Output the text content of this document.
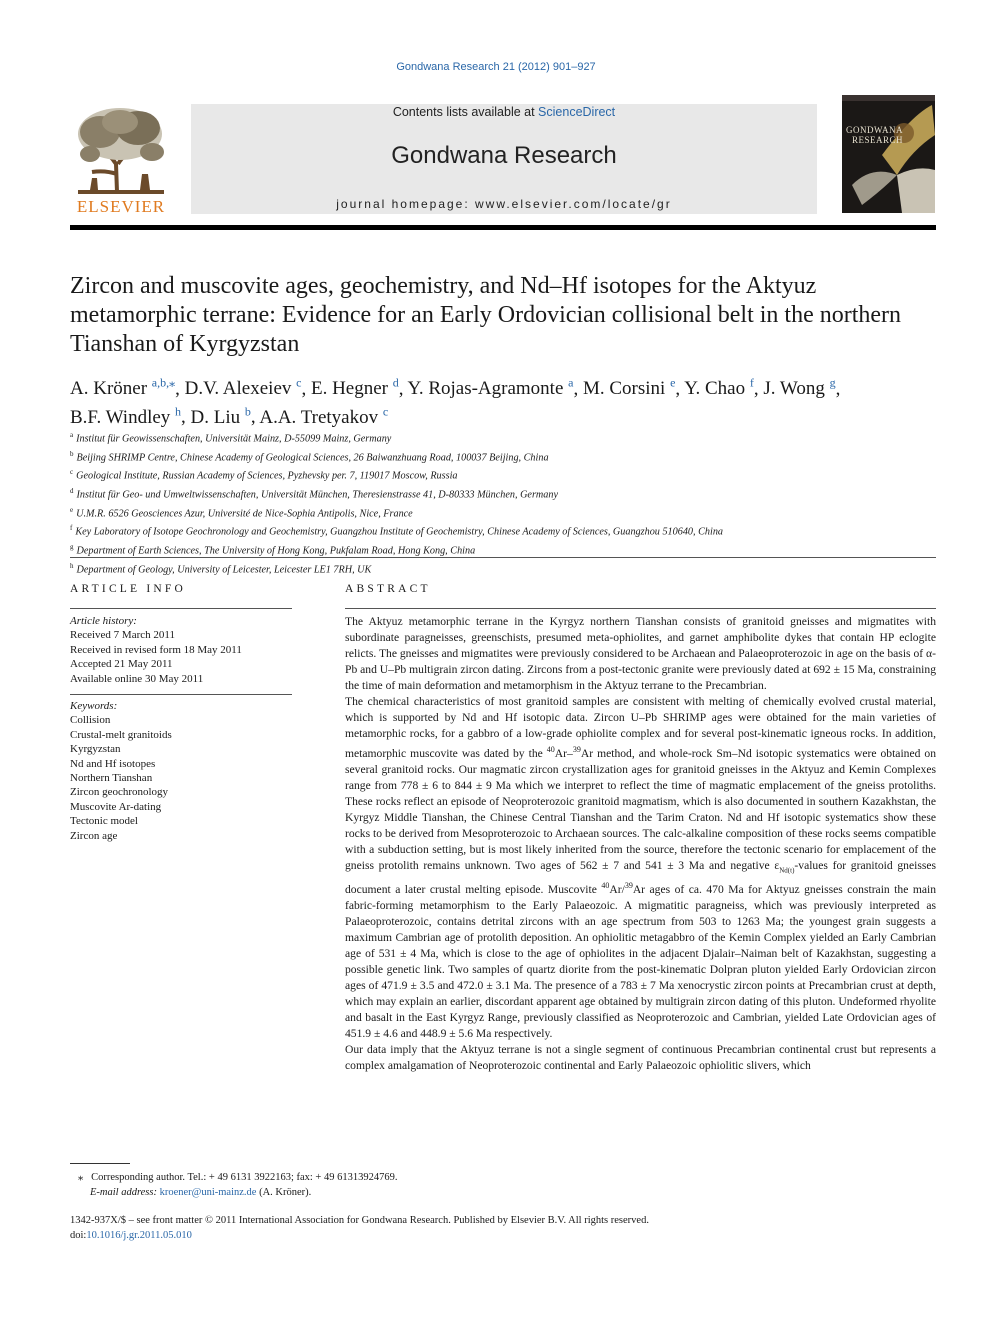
Gondwana Research 21 (2012) 901–927
ELSEVIER
Contents lists available at ScienceDirect
Gondwana Research
journal homepage: www.elsevier.com/locate/gr
GONDWANA
RESEARCH
Zircon and muscovite ages, geochemistry, and Nd–Hf isotopes for the Aktyuz metamorphic terrane: Evidence for an Early Ordovician collisional belt in the northern Tianshan of Kyrgyzstan
A. Kröner $^{a,b,⁎}$, D.V. Alexeiev $^c$, E. Hegner $^d$, Y. Rojas-Agramonte $^a$, M. Corsini $^e$, Y. Chao $^f$, J. Wong $^g$,
B.F. Windley $^h$, D. Liu $^b$, A.A. Tretyakov $^c$
$^a$ Institut für Geowissenschaften, Universität Mainz, D-55099 Mainz, Germany
$^b$ Beijing SHRIMP Centre, Chinese Academy of Geological Sciences, 26 Baiwanzhuang Road, 100037 Beijing, China
$^c$ Geological Institute, Russian Academy of Sciences, Pyzhevsky per. 7, 119017 Moscow, Russia
$^d$ Institut für Geo- und Umweltwissenschaften, Universität München, Theresienstrasse 41, D-80333 München, Germany
$^e$ U.M.R. 6526 Geosciences Azur, Université de Nice-Sophia Antipolis, Nice, France
$^f$ Key Laboratory of Isotope Geochronology and Geochemistry, Guangzhou Institute of Geochemistry, Chinese Academy of Sciences, Guangzhou 510640, China
$^g$ Department of Earth Sciences, The University of Hong Kong, Pukfalam Road, Hong Kong, China
$^h$ Department of Geology, University of Leicester, Leicester LE1 7RH, UK
ARTICLE INFO
Article history:
Received 7 March 2011
Received in revised form 18 May 2011
Accepted 21 May 2011
Available online 30 May 2011
Keywords:
Collision
Crustal-melt granitoids
Kyrgyzstan
Nd and Hf isotopes
Northern Tianshan
Zircon geochronology
Muscovite Ar-dating
Tectonic model
Zircon age
ABSTRACT

The Aktyuz metamorphic terrane in the Kyrgyz northern Tianshan consists of granitoid gneisses and migmatites with subordinate paragneisses, greenschists, presumed meta-ophiolites, and garnet amphibolite dykes that contain HP eclogite relicts. The gneisses and migmatites were previously considered to be Archaean and Palaeoproterozoic in age on the basis of α-Pb and U–Pb multigrain zircon dating. Zircons from a post-tectonic granite were previously dated at 692 ± 15 Ma, constraining the time of main deformation and metamorphism in the Aktyuz terrane to the Precambrian.

The chemical characteristics of most granitoid samples are consistent with melting of chemically evolved crustal material, which is supported by Nd and Hf isotopic data. Zircon U–Pb SHRIMP ages were obtained for the main varieties of metamorphic rocks, for a gabbro of a low-grade ophiolite complex and for several post-kinematic igneous rocks. In addition, metamorphic muscovite was dated by the $^{40}$Ar–$^{39}$Ar method, and whole-rock Sm–Nd isotopic systematics were obtained on several granitoid rocks. Our magmatic zircon crystallization ages for granitoid gneisses in the Aktyuz and Kemin Complexes range from 778 ± 6 to 844 ± 9 Ma which we interpret to reflect the time of magmatic emplacement of the gneiss protoliths. These rocks reflect an episode of Neoproterozoic granitoid magmatism, which is also documented in southern Kazakhstan, the Kyrgyz Middle Tianshan, the Chinese Central Tianshan and the Tarim Craton. Nd and Hf isotopic systematics show these rocks to be derived from Mesoproterozoic to Archaean sources. The calc-alkaline composition of these rocks seems compatible with a subduction setting, but is most likely inherited from the source, therefore the tectonic scenario for emplacement of the gneiss protolith remains unknown. Two ages of 562 ± 7 and 541 ± 3 Ma and negative $\varepsilon_{Nd(t)}$-values for granitoid gneisses document a later crustal melting episode. Muscovite $^{40}$Ar/$^{39}$Ar ages of ca. 470 Ma for Aktyuz gneisses constrain the main fabric-forming metamorphism to the Early Palaeozoic. A migmatitic paragneiss, which was previously interpreted as Palaeoproterozoic, contains detrital zircons with an age spectrum from 503 to 1263 Ma; the youngest grain suggests a maximum Cambrian age of protolith deposition. An ophiolitic metagabbro of the Kemin Complex yielded an Early Cambrian age of 531 ± 4 Ma, which is close to the age of ophiolites in the adjacent Djalair–Naiman belt of Kazakhstan, suggesting a possible genetic link. Two samples of quartz diorite from the post-kinematic Dolpran pluton yielded Early Ordovician zircon ages of 471.9 ± 3.5 and 472.0 ± 3.1 Ma. The presence of a 783 ± 7 Ma xenocrystic zircon points at Precambrian crust at depth, which may explain an earlier, discordant apparent age obtained by multigrain zircon dating of this pluton. Undeformed rhyolite and basalt in the East Kyrgyz Range, previously classified as Neoproterozoic and Cambrian, yielded Late Ordovician ages of 451.9 ± 4.6 and 448.9 ± 5.6 Ma respectively.

Our data imply that the Aktyuz terrane is not a single segment of continuous Precambrian continental crust but represents a complex amalgamation of Neoproterozoic continental and Early Palaeozoic ophiolitic slivers, which

⁎ Corresponding author. Tel.: + 49 6131 3922163; fax: + 49 61313924769.
E-mail address: kroener@uni-mainz.de (A. Kröner).
1342-937X/$ – see front matter © 2011 International Association for Gondwana Research. Published by Elsevier B.V. All rights reserved.
doi:10.1016/j.gr.2011.05.010
